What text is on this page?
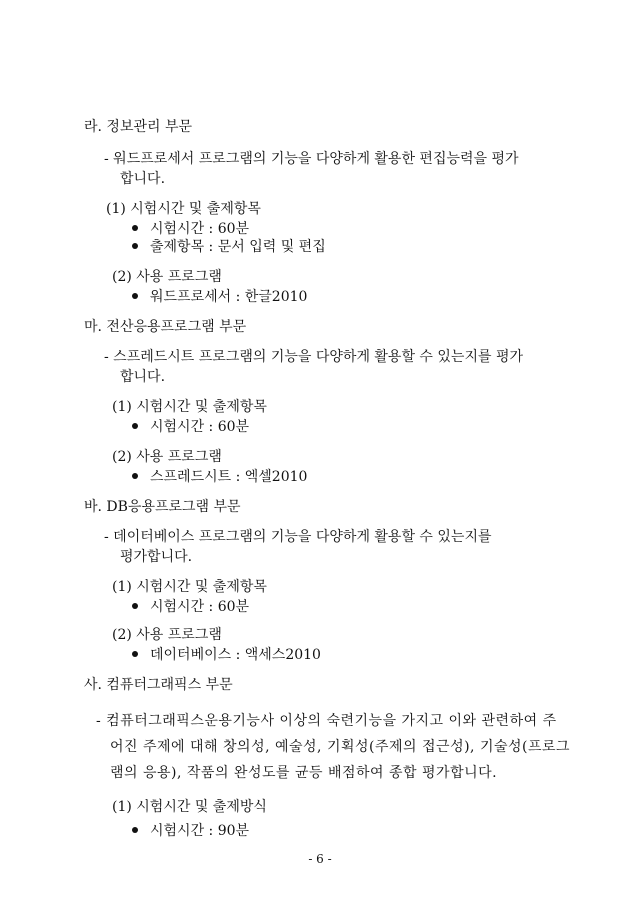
라. 정보관리 부문
- 워드프로세서 프로그램의 기능을 다양하게 활용한 편집능력을 평가
합니다.
(1) 시험시간 및 출제항목
시험시간 : 60분
출제항목 : 문서 입력 및 편집
(2) 사용 프로그램
워드프로세서 : 한글2010
마. 전산응용프로그램 부문
- 스프레드시트 프로그램의 기능을 다양하게 활용할 수 있는지를 평가
합니다.
(1) 시험시간 및 출제항목
시험시간 : 60분
(2) 사용 프로그램
스프레드시트 : 엑셀2010
바. DB응용프로그램 부문
- 데이터베이스 프로그램의 기능을 다양하게 활용할 수 있는지를
평가합니다.
(1) 시험시간 및 출제항목
시험시간 : 60분
(2) 사용 프로그램
데이터베이스 : 액세스2010
사. 컴퓨터그래픽스 부문
- 컴퓨터그래픽스운용기능사 이상의 숙련기능을 가지고 이와 관련하여 주
어진 주제에 대해 창의성, 예술성, 기획성(주제의 접근성), 기술성(프로그
램의 응용), 작품의 완성도를 균등 배점하여 종합 평가합니다.
(1) 시험시간 및 출제방식
시험시간 : 90분
- 6 -
